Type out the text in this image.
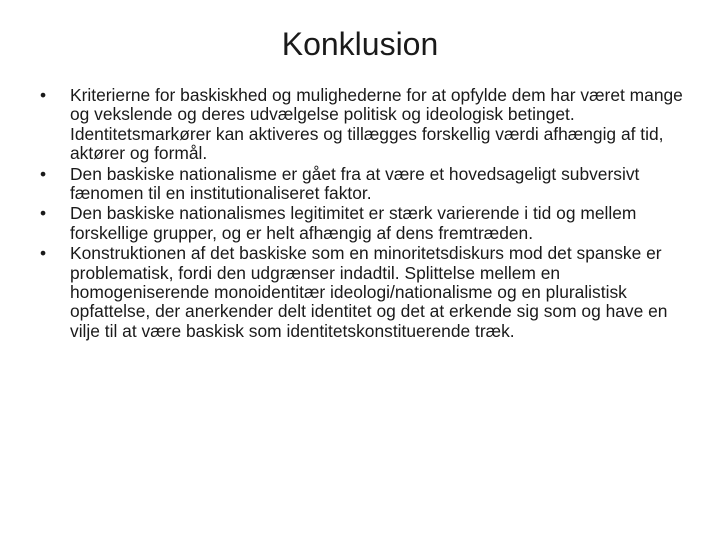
Konklusion
• Kriterierne for baskiskhed og mulighederne for at opfylde dem har været mange og vekslende og deres udvælgelse politisk og ideologisk betinget. Identitetsmarkører kan aktiveres og tillægges forskellig værdi afhængig af tid, aktører og formål.
• Den baskiske nationalisme er gået fra at være et hovedsageligt subversivt fænomen til en institutionaliseret faktor.
• Den baskiske nationalismes legitimitet er stærk varierende i tid og mellem forskellige grupper, og er helt afhængig af dens fremtræden.
• Konstruktionen af det baskiske som en minoritetsdiskurs mod det spanske er problematisk, fordi den udgrænser indadtil. Splittelse mellem en homogeniserende monoidentitær ideologi/nationalisme og en pluralistisk opfattelse, der anerkender delt identitet og det at erkende sig som og have en vilje til at være baskisk som identitetskonstituerende træk.
